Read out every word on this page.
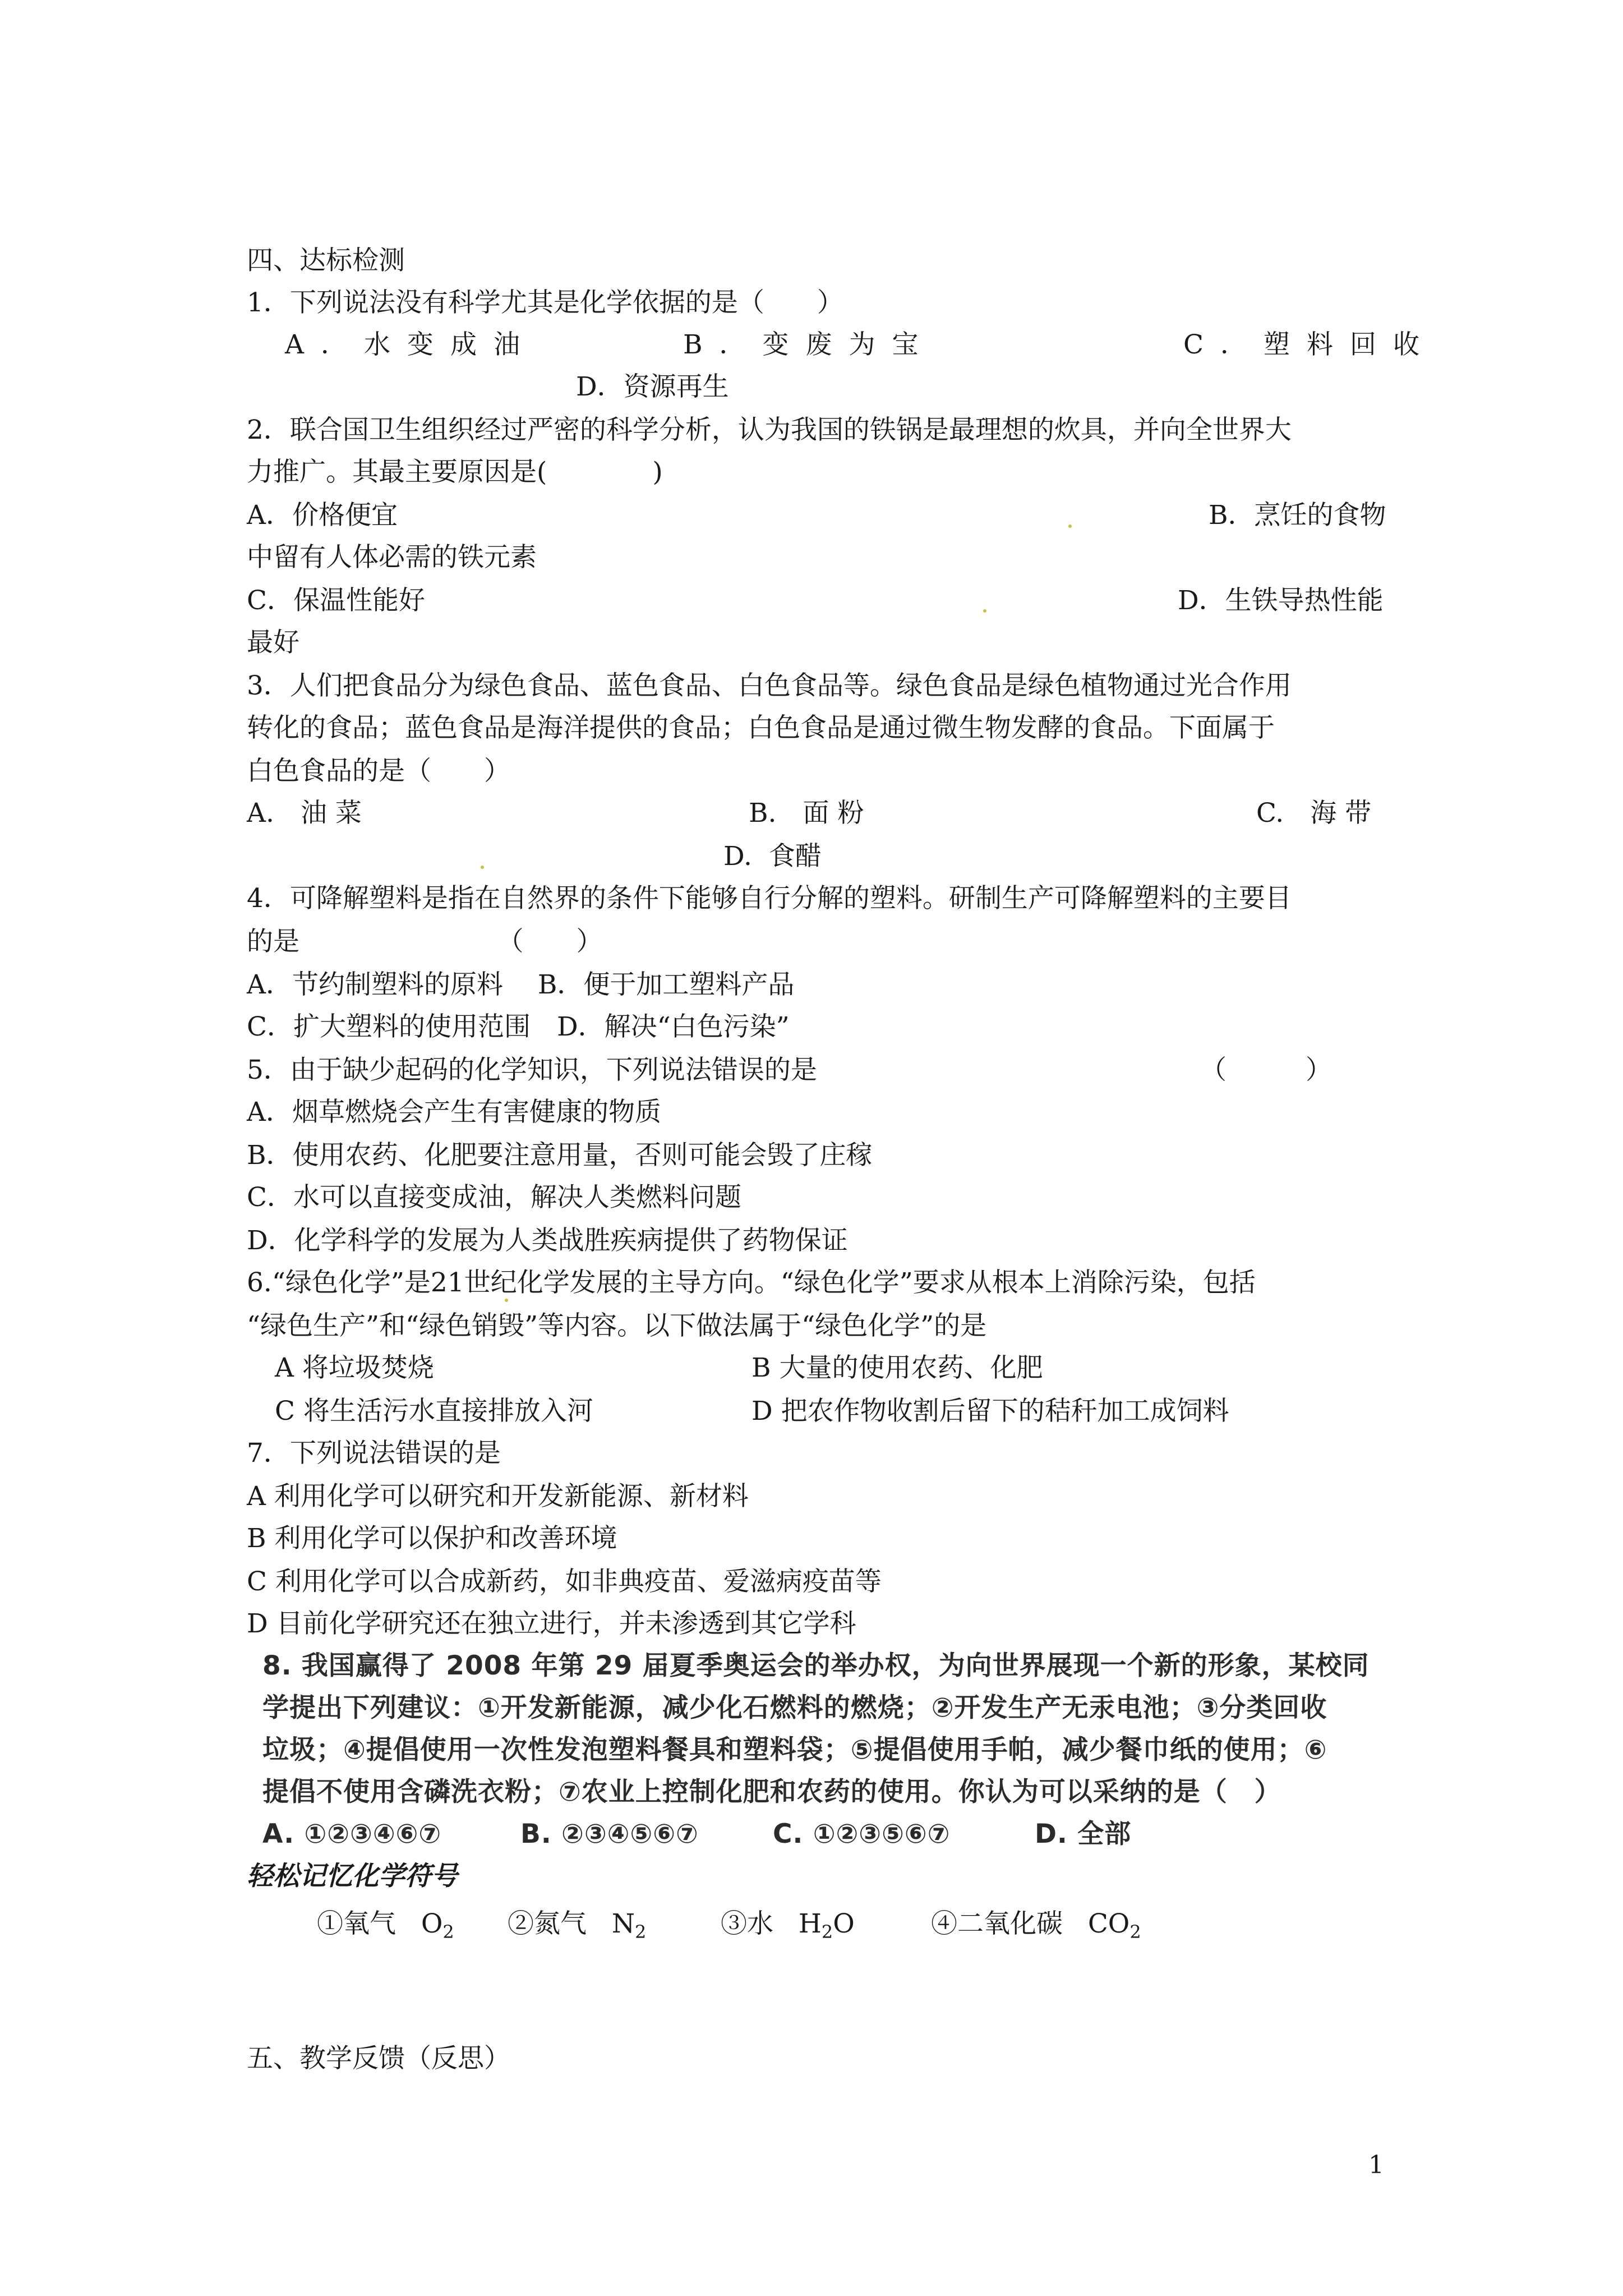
四、达标检测
1．下列说法没有科学尤其是化学依据的是（　　）
A．水变成油	B．变废为宝	C．塑料回收
D．资源再生
2．联合国卫生组织经过严密的科学分析，认为我国的铁锅是最理想的炊具，并向全世界大
力推广。其最主要原因是(　　　　)
A．价格便宜	B．烹饪的食物
中留有人体必需的铁元素
C．保温性能好	D．生铁导热性能
最好
3．人们把食品分为绿色食品、蓝色食品、白色食品等。绿色食品是绿色植物通过光合作用
转化的食品；蓝色食品是海洋提供的食品；白色食品是通过微生物发酵的食品。下面属于
白色食品的是（　　）
A.　油 菜	B.　面 粉	C.　海 带
D.  食醋
4．可降解塑料是指在自然界的条件下能够自行分解的塑料。研制生产可降解塑料的主要目
的是　　　　　　　　（　　）
A．节约制塑料的原料　 B．便于加工塑料产品
C．扩大塑料的使用范围　D．解决“白色污染”
5．由于缺少起码的化学知识，下列说法错误的是	（　　　）
A．烟草燃烧会产生有害健康的物质
B．使用农药、化肥要注意用量，否则可能会毁了庄稼
C．水可以直接变成油，解决人类燃料问题
D．化学科学的发展为人类战胜疾病提供了药物保证
6.“绿色化学”是21世纪化学发展的主导方向。“绿色化学”要求从根本上消除污染，包括
“绿色生产”和“绿色销毁”等内容。以下做法属于“绿色化学”的是
A 将垃圾焚烧	B 大量的使用农药、化肥
C 将生活污水直接排放入河	D 把农作物收割后留下的秸秆加工成饲料
7．下列说法错误的是
A 利用化学可以研究和开发新能源、新材料
B 利用化学可以保护和改善环境
C 利用化学可以合成新药，如非典疫苗、爱滋病疫苗等
D 目前化学研究还在独立进行，并未渗透到其它学科
8. 我国赢得了 2008 年第 29 届夏季奥运会的举办权，为向世界展现一个新的形象，某校同
学提出下列建议：①开发新能源，减少化石燃料的燃烧；②开发生产无汞电池；③分类回收
垃圾；④提倡使用一次性发泡塑料餐具和塑料袋；⑤提倡使用手帕，减少餐巾纸的使用；⑥
提倡不使用含磷洗衣粉；⑦农业上控制化肥和农药的使用。你认为可以采纳的是（　）
A. ①②③④⑥⑦	B. ②③④⑤⑥⑦	C. ①②③⑤⑥⑦	D. 全部
轻松记忆化学符号
①氧气 $O_2$ ②氮气 $N_2$	③水 $H_2O$	④二氧化碳 $CO_2$
五、教学反馈（反思）
1
